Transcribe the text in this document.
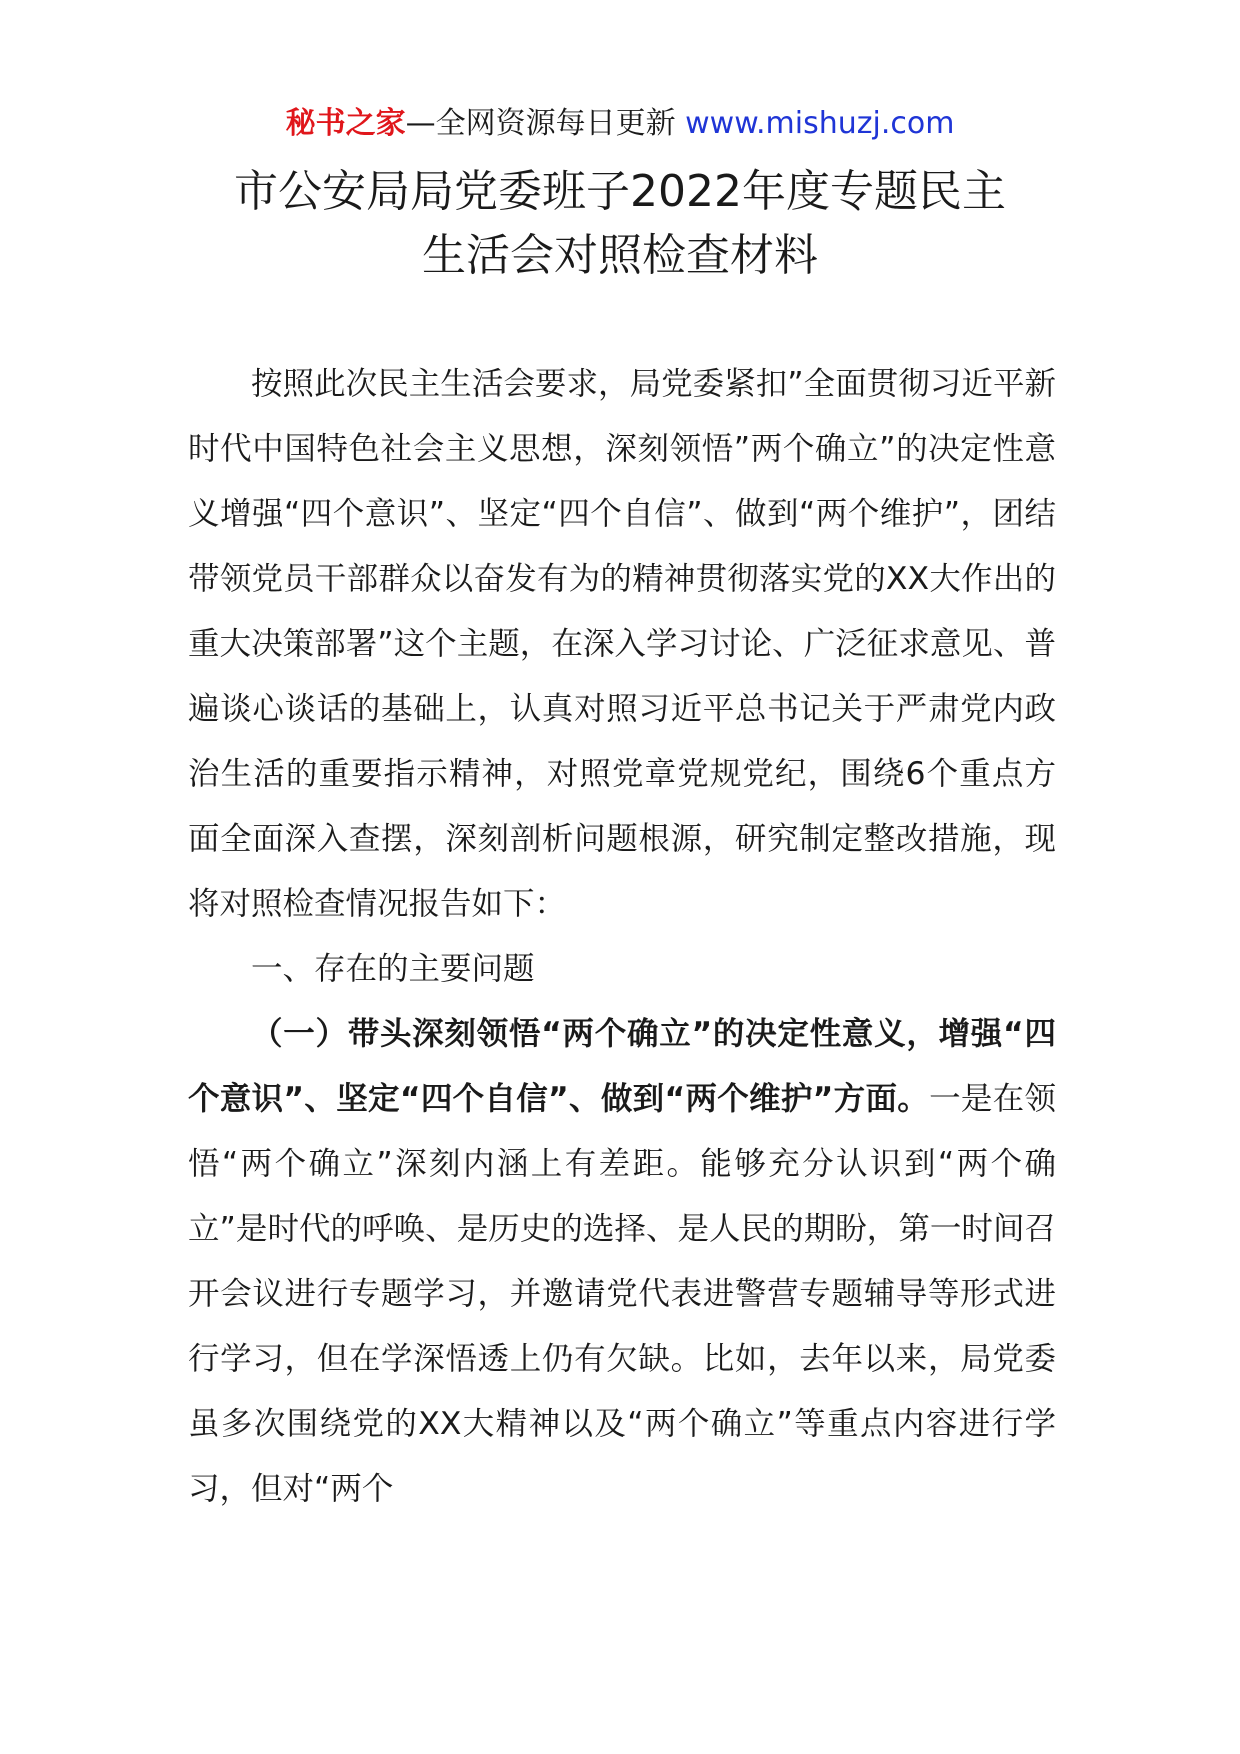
秘书之家—全网资源每日更新 www.mishuzj.com
市公安局局党委班子2022年度专题民主
生活会对照检查材料

按照此次民主生活会要求，局党委紧扣”全面贯彻习近平新时代中国特色社会主义思想，深刻领悟”两个确立”的决定性意义增强“四个意识”、坚定“四个自信”、做到“两个维护”，团结带领党员干部群众以奋发有为的精神贯彻落实党的XX大作出的重大决策部署”这个主题，在深入学习讨论、广泛征求意见、普遍谈心谈话的基础上，认真对照习近平总书记关于严肃党内政治生活的重要指示精神，对照党章党规党纪，围绕6个重点方面全面深入查摆，深刻剖析问题根源，研究制定整改措施，现将对照检查情况报告如下：

一、存在的主要问题

（一）带头深刻领悟“两个确立”的决定性意义，增强“四个意识”、坚定“四个自信”、做到“两个维护”方面。一是在领悟“两个确立”深刻内涵上有差距。能够充分认识到“两个确立”是时代的呼唤、是历史的选择、是人民的期盼，第一时间召开会议进行专题学习，并邀请党代表进警营专题辅导等形式进行学习，但在学深悟透上仍有欠缺。比如，去年以来，局党委虽多次围绕党的XX大精神以及“两个确立”等重点内容进行学习，但对“两个
